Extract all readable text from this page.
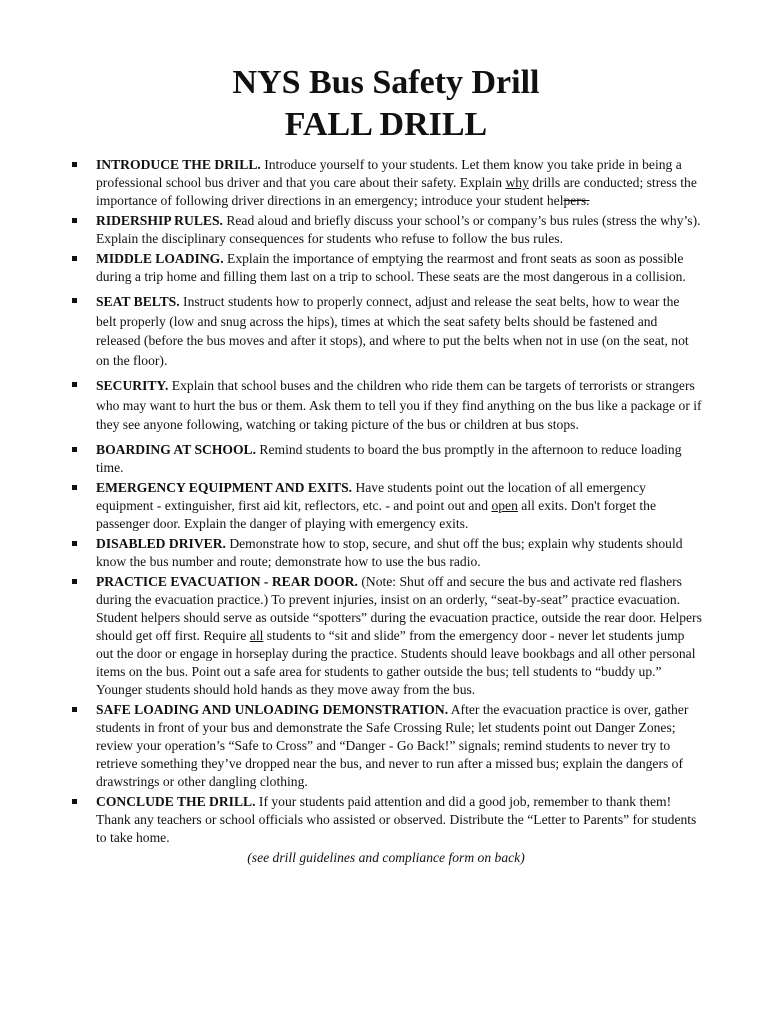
NYS Bus Safety Drill
FALL DRILL
INTRODUCE THE DRILL. Introduce yourself to your students. Let them know you take pride in being a professional school bus driver and that you care about their safety. Explain why drills are conducted; stress the importance of following driver directions in an emergency; introduce your student helpers.
RIDERSHIP RULES. Read aloud and briefly discuss your school’s or company’s bus rules (stress the why’s). Explain the disciplinary consequences for students who refuse to follow the bus rules.
MIDDLE LOADING. Explain the importance of emptying the rearmost and front seats as soon as possible during a trip home and filling them last on a trip to school. These seats are the most dangerous in a collision.
SEAT BELTS. Instruct students how to properly connect, adjust and release the seat belts, how to wear the belt properly (low and snug across the hips), times at which the seat safety belts should be fastened and released (before the bus moves and after it stops), and where to put the belts when not in use (on the seat, not on the floor).
SECURITY. Explain that school buses and the children who ride them can be targets of terrorists or strangers who may want to hurt the bus or them. Ask them to tell you if they find anything on the bus like a package or if they see anyone following, watching or taking picture of the bus or children at bus stops.
BOARDING AT SCHOOL. Remind students to board the bus promptly in the afternoon to reduce loading time.
EMERGENCY EQUIPMENT AND EXITS. Have students point out the location of all emergency equipment - extinguisher, first aid kit, reflectors, etc. - and point out and open all exits. Don't forget the passenger door. Explain the danger of playing with emergency exits.
DISABLED DRIVER. Demonstrate how to stop, secure, and shut off the bus; explain why students should know the bus number and route; demonstrate how to use the bus radio.
PRACTICE EVACUATION - REAR DOOR. (Note: Shut off and secure the bus and activate red flashers during the evacuation practice.) To prevent injuries, insist on an orderly, “seat-by-seat” practice evacuation. Student helpers should serve as outside “spotters” during the evacuation practice, outside the rear door. Helpers should get off first. Require all students to “sit and slide” from the emergency door - never let students jump out the door or engage in horseplay during the practice. Students should leave bookbags and all other personal items on the bus. Point out a safe area for students to gather outside the bus; tell students to “buddy up.” Younger students should hold hands as they move away from the bus.
SAFE LOADING AND UNLOADING DEMONSTRATION. After the evacuation practice is over, gather students in front of your bus and demonstrate the Safe Crossing Rule; let students point out Danger Zones; review your operation’s “Safe to Cross” and “Danger - Go Back!” signals; remind students to never try to retrieve something they’ve dropped near the bus, and never to run after a missed bus; explain the dangers of drawstrings or other dangling clothing.
CONCLUDE THE DRILL. If your students paid attention and did a good job, remember to thank them! Thank any teachers or school officials who assisted or observed. Distribute the “Letter to Parents” for students to take home.
(see drill guidelines and compliance form on back)
